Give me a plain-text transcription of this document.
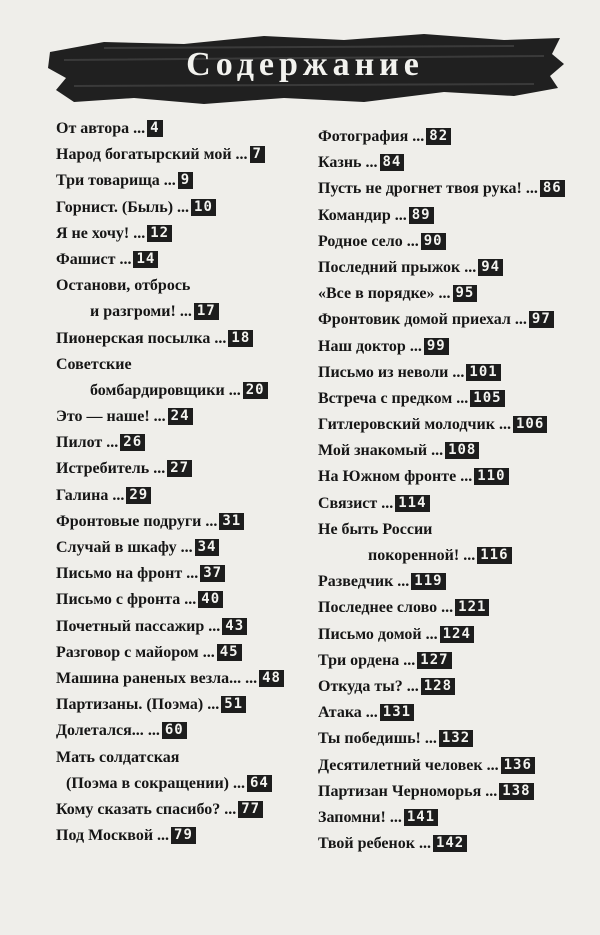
Содержание
От автора ... 4
Народ богатырский мой ... 7
Три товарища ... 9
Горнист. (Быль) ... 10
Я не хочу! ... 12
Фашист ... 14
Останови, отбрось
и разгроми! ... 17
Пионерская посылка ... 18
Советские
бомбардировщики ... 20
Это — наше! ... 24
Пилот ... 26
Истребитель ... 27
Галина ... 29
Фронтовые подруги ... 31
Случай в шкафу ... 34
Письмо на фронт ... 37
Письмо с фронта ... 40
Почетный пассажир ... 43
Разговор с майором ... 45
Машина раненых везла... ... 48
Партизаны. (Поэма) ... 51
Долетался... ... 60
Мать солдатская
(Поэма в сокращении) ... 64
Кому сказать спасибо? ... 77
Под Москвой ... 79
Фотография ... 82
Казнь ... 84
Пусть не дрогнет твоя рука! ... 86
Командир ... 89
Родное село ... 90
Последний прыжок ... 94
«Все в порядке» ... 95
Фронтовик домой приехал ... 97
Наш доктор ... 99
Письмо из неволи ... 101
Встреча с предком ... 105
Гитлеровский молодчик ... 106
Мой знакомый ... 108
На Южном фронте ... 110
Связист ... 114
Не быть России
покоренной! ... 116
Разведчик ... 119
Последнее слово ... 121
Письмо домой ... 124
Три ордена ... 127
Откуда ты? ... 128
Атака ... 131
Ты победишь! ... 132
Десятилетний человек ... 136
Партизан Черноморья ... 138
Запомни! ... 141
Твой ребенок ... 142
